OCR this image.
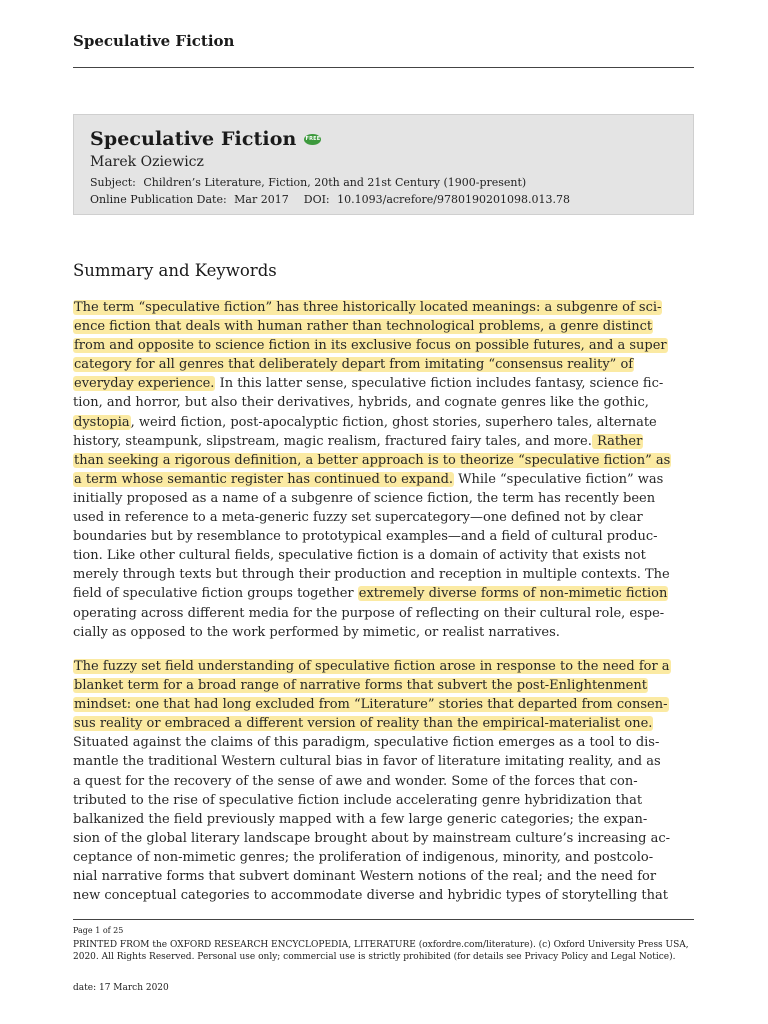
Speculative Fiction
Speculative Fiction FREE
Marek Oziewicz
Subject: Children’s Literature, Fiction, 20th and 21st Century (1900-present)
Online Publication Date: Mar 2017 DOI: 10.1093/acrefore/9780190201098.013.78
Summary and Keywords
The term “speculative fiction” has three historically located meanings: a subgenre of sci-
ence fiction that deals with human rather than technological problems, a genre distinct
from and opposite to science fiction in its exclusive focus on possible futures, and a super
category for all genres that deliberately depart from imitating “consensus reality” of
everyday experience. In this latter sense, speculative fiction includes fantasy, science fic-
tion, and horror, but also their derivatives, hybrids, and cognate genres like the gothic,
dystopia, weird fiction, post-apocalyptic fiction, ghost stories, superhero tales, alternate
history, steampunk, slipstream, magic realism, fractured fairy tales, and more. Rather
than seeking a rigorous definition, a better approach is to theorize “speculative fiction” as
a term whose semantic register has continued to expand. While “speculative fiction” was
initially proposed as a name of a subgenre of science fiction, the term has recently been
used in reference to a meta-generic fuzzy set supercategory—one defined not by clear
boundaries but by resemblance to prototypical examples—and a field of cultural produc-
tion. Like other cultural fields, speculative fiction is a domain of activity that exists not
merely through texts but through their production and reception in multiple contexts. The
field of speculative fiction groups together extremely diverse forms of non-mimetic fiction
operating across different media for the purpose of reflecting on their cultural role, espe-
cially as opposed to the work performed by mimetic, or realist narratives.
The fuzzy set field understanding of speculative fiction arose in response to the need for a
blanket term for a broad range of narrative forms that subvert the post-Enlightenment
mindset: one that had long excluded from “Literature” stories that departed from consen-
sus reality or embraced a different version of reality than the empirical-materialist one.
Situated against the claims of this paradigm, speculative fiction emerges as a tool to dis-
mantle the traditional Western cultural bias in favor of literature imitating reality, and as
a quest for the recovery of the sense of awe and wonder. Some of the forces that con-
tributed to the rise of speculative fiction include accelerating genre hybridization that
balkanized the field previously mapped with a few large generic categories; the expan-
sion of the global literary landscape brought about by mainstream culture’s increasing ac-
ceptance of non-mimetic genres; the proliferation of indigenous, minority, and postcolo-
nial narrative forms that subvert dominant Western notions of the real; and the need for
new conceptual categories to accommodate diverse and hybridic types of storytelling that
Page 1 of 25
PRINTED FROM the OXFORD RESEARCH ENCYCLOPEDIA, LITERATURE (oxfordre.com/literature). (c) Oxford University Press USA, 2020. All Rights Reserved. Personal use only; commercial use is strictly prohibited (for details see Privacy Policy and Legal Notice).
date: 17 March 2020
